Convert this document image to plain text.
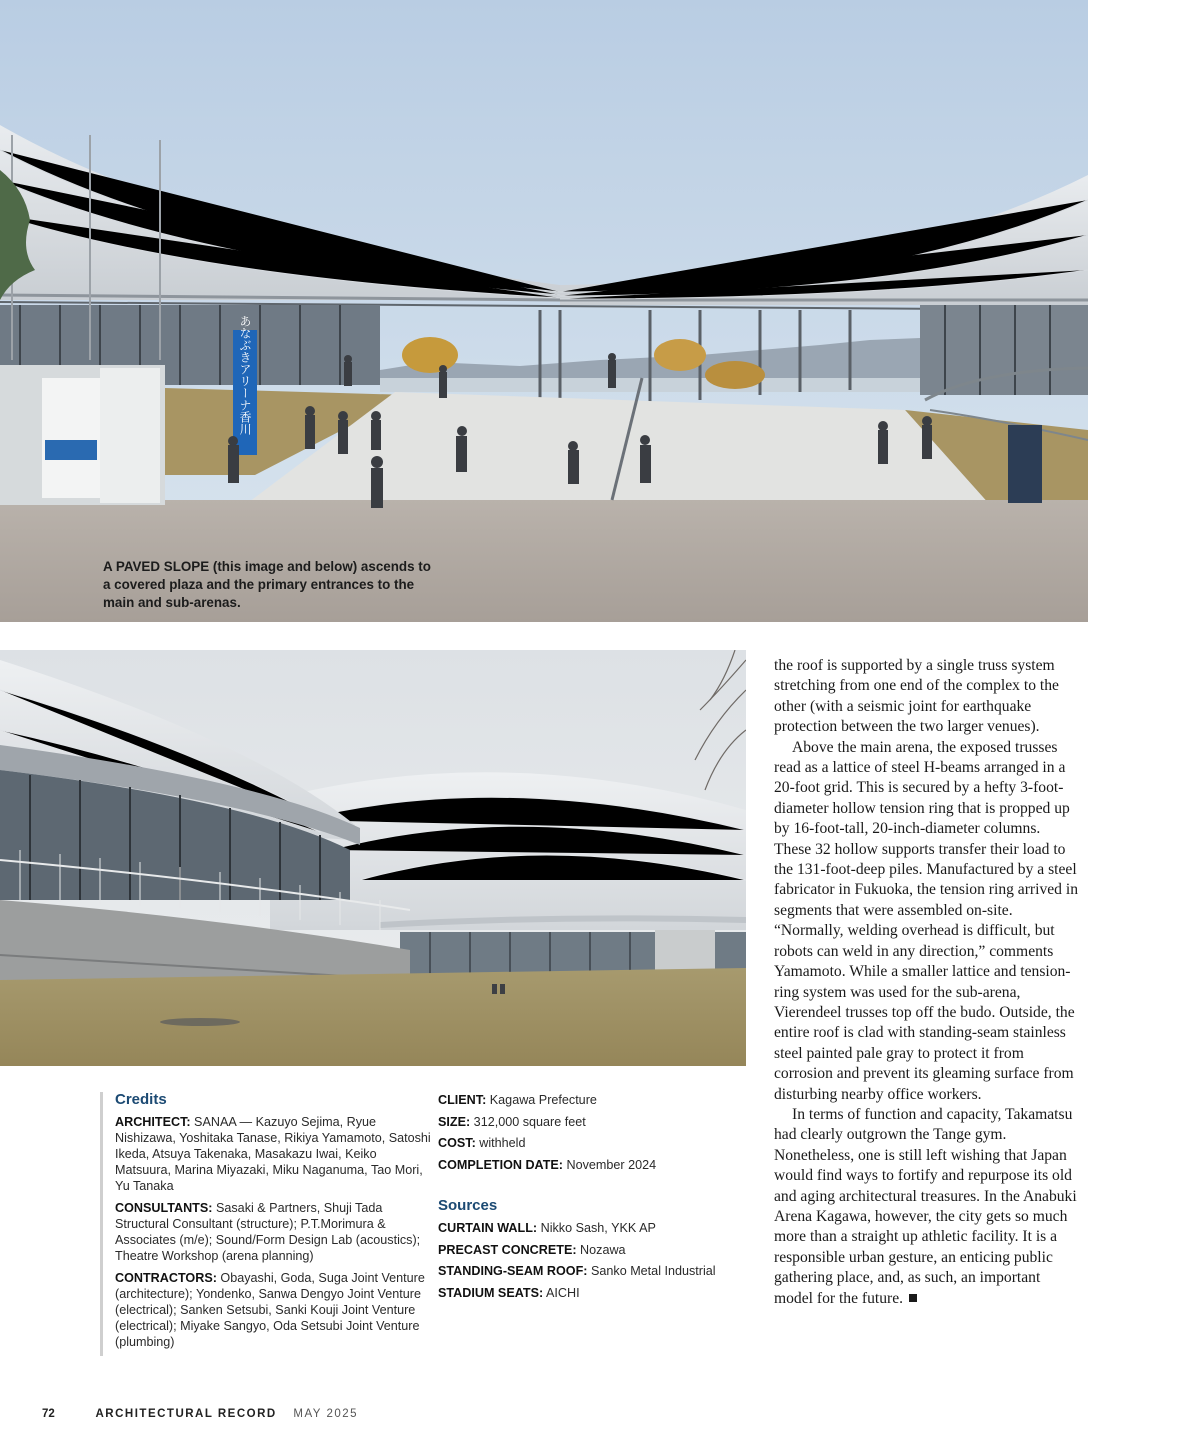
あなぶきアリーナ香川
A PAVED SLOPE (this image and below) ascends to a covered plaza and the primary entrances to the main and sub-arenas.

the roof is supported by a single truss system stretching from one end of the complex to the other (with a seismic joint for earthquake protection between the two larger venues).

Above the main arena, the exposed trusses read as a lattice of steel H-beams arranged in a 20-foot grid. This is secured by a hefty 3-foot-diameter hollow tension ring that is propped up by 16-foot-tall, 20-inch-diameter columns. These 32 hollow supports transfer their load to the 131-foot-deep piles. Manufactured by a steel fabricator in Fukuoka, the tension ring arrived in segments that were assembled on-site. “Normally, welding overhead is difficult, but robots can weld in any direction,” comments Yamamoto. While a smaller lattice and tension-ring system was used for the sub-arena, Vierendeel trusses top off the budo. Outside, the entire roof is clad with standing-seam stainless steel painted pale gray to protect it from corrosion and prevent its gleaming surface from disturbing nearby office workers.

In terms of function and capacity, Takamatsu had clearly outgrown the Tange gym. Nonetheless, one is still left wishing that Japan would find ways to fortify and repurpose its old and aging architectural treasures. In the Anabuki Arena Kagawa, however, the city gets so much more than a straight up athletic facility. It is a responsible urban gesture, an enticing public gathering place, and, as such, an important model for the future.

Credits

ARCHITECT: SANAA — Kazuyo Sejima, Ryue Nishizawa, Yoshitaka Tanase, Rikiya Yamamoto, Satoshi Ikeda, Atsuya Takenaka, Masakazu Iwai, Keiko Matsuura, Marina Miyazaki, Miku Naganuma, Tao Mori, Yu Tanaka

CONSULTANTS: Sasaki & Partners, Shuji Tada Structural Consultant (structure); P.T.Morimura & Associates (m/e); Sound/Form Design Lab (acoustics); Theatre Workshop (arena planning)

CONTRACTORS: Obayashi, Goda, Suga Joint Venture (architecture); Yondenko, Sanwa Dengyo Joint Venture (electrical); Sanken Setsubi, Sanki Kouji Joint Venture (electrical); Miyake Sangyo, Oda Setsubi Joint Venture (plumbing)

CLIENT: Kagawa Prefecture

SIZE: 312,000 square feet

COST: withheld

COMPLETION DATE: November 2024

Sources

CURTAIN WALL: Nikko Sash, YKK AP

PRECAST CONCRETE: Nozawa

STANDING-SEAM ROOF: Sanko Metal Industrial

STADIUM SEATS: AICHI

72	ARCHITECTURAL RECORD MAY 2025
